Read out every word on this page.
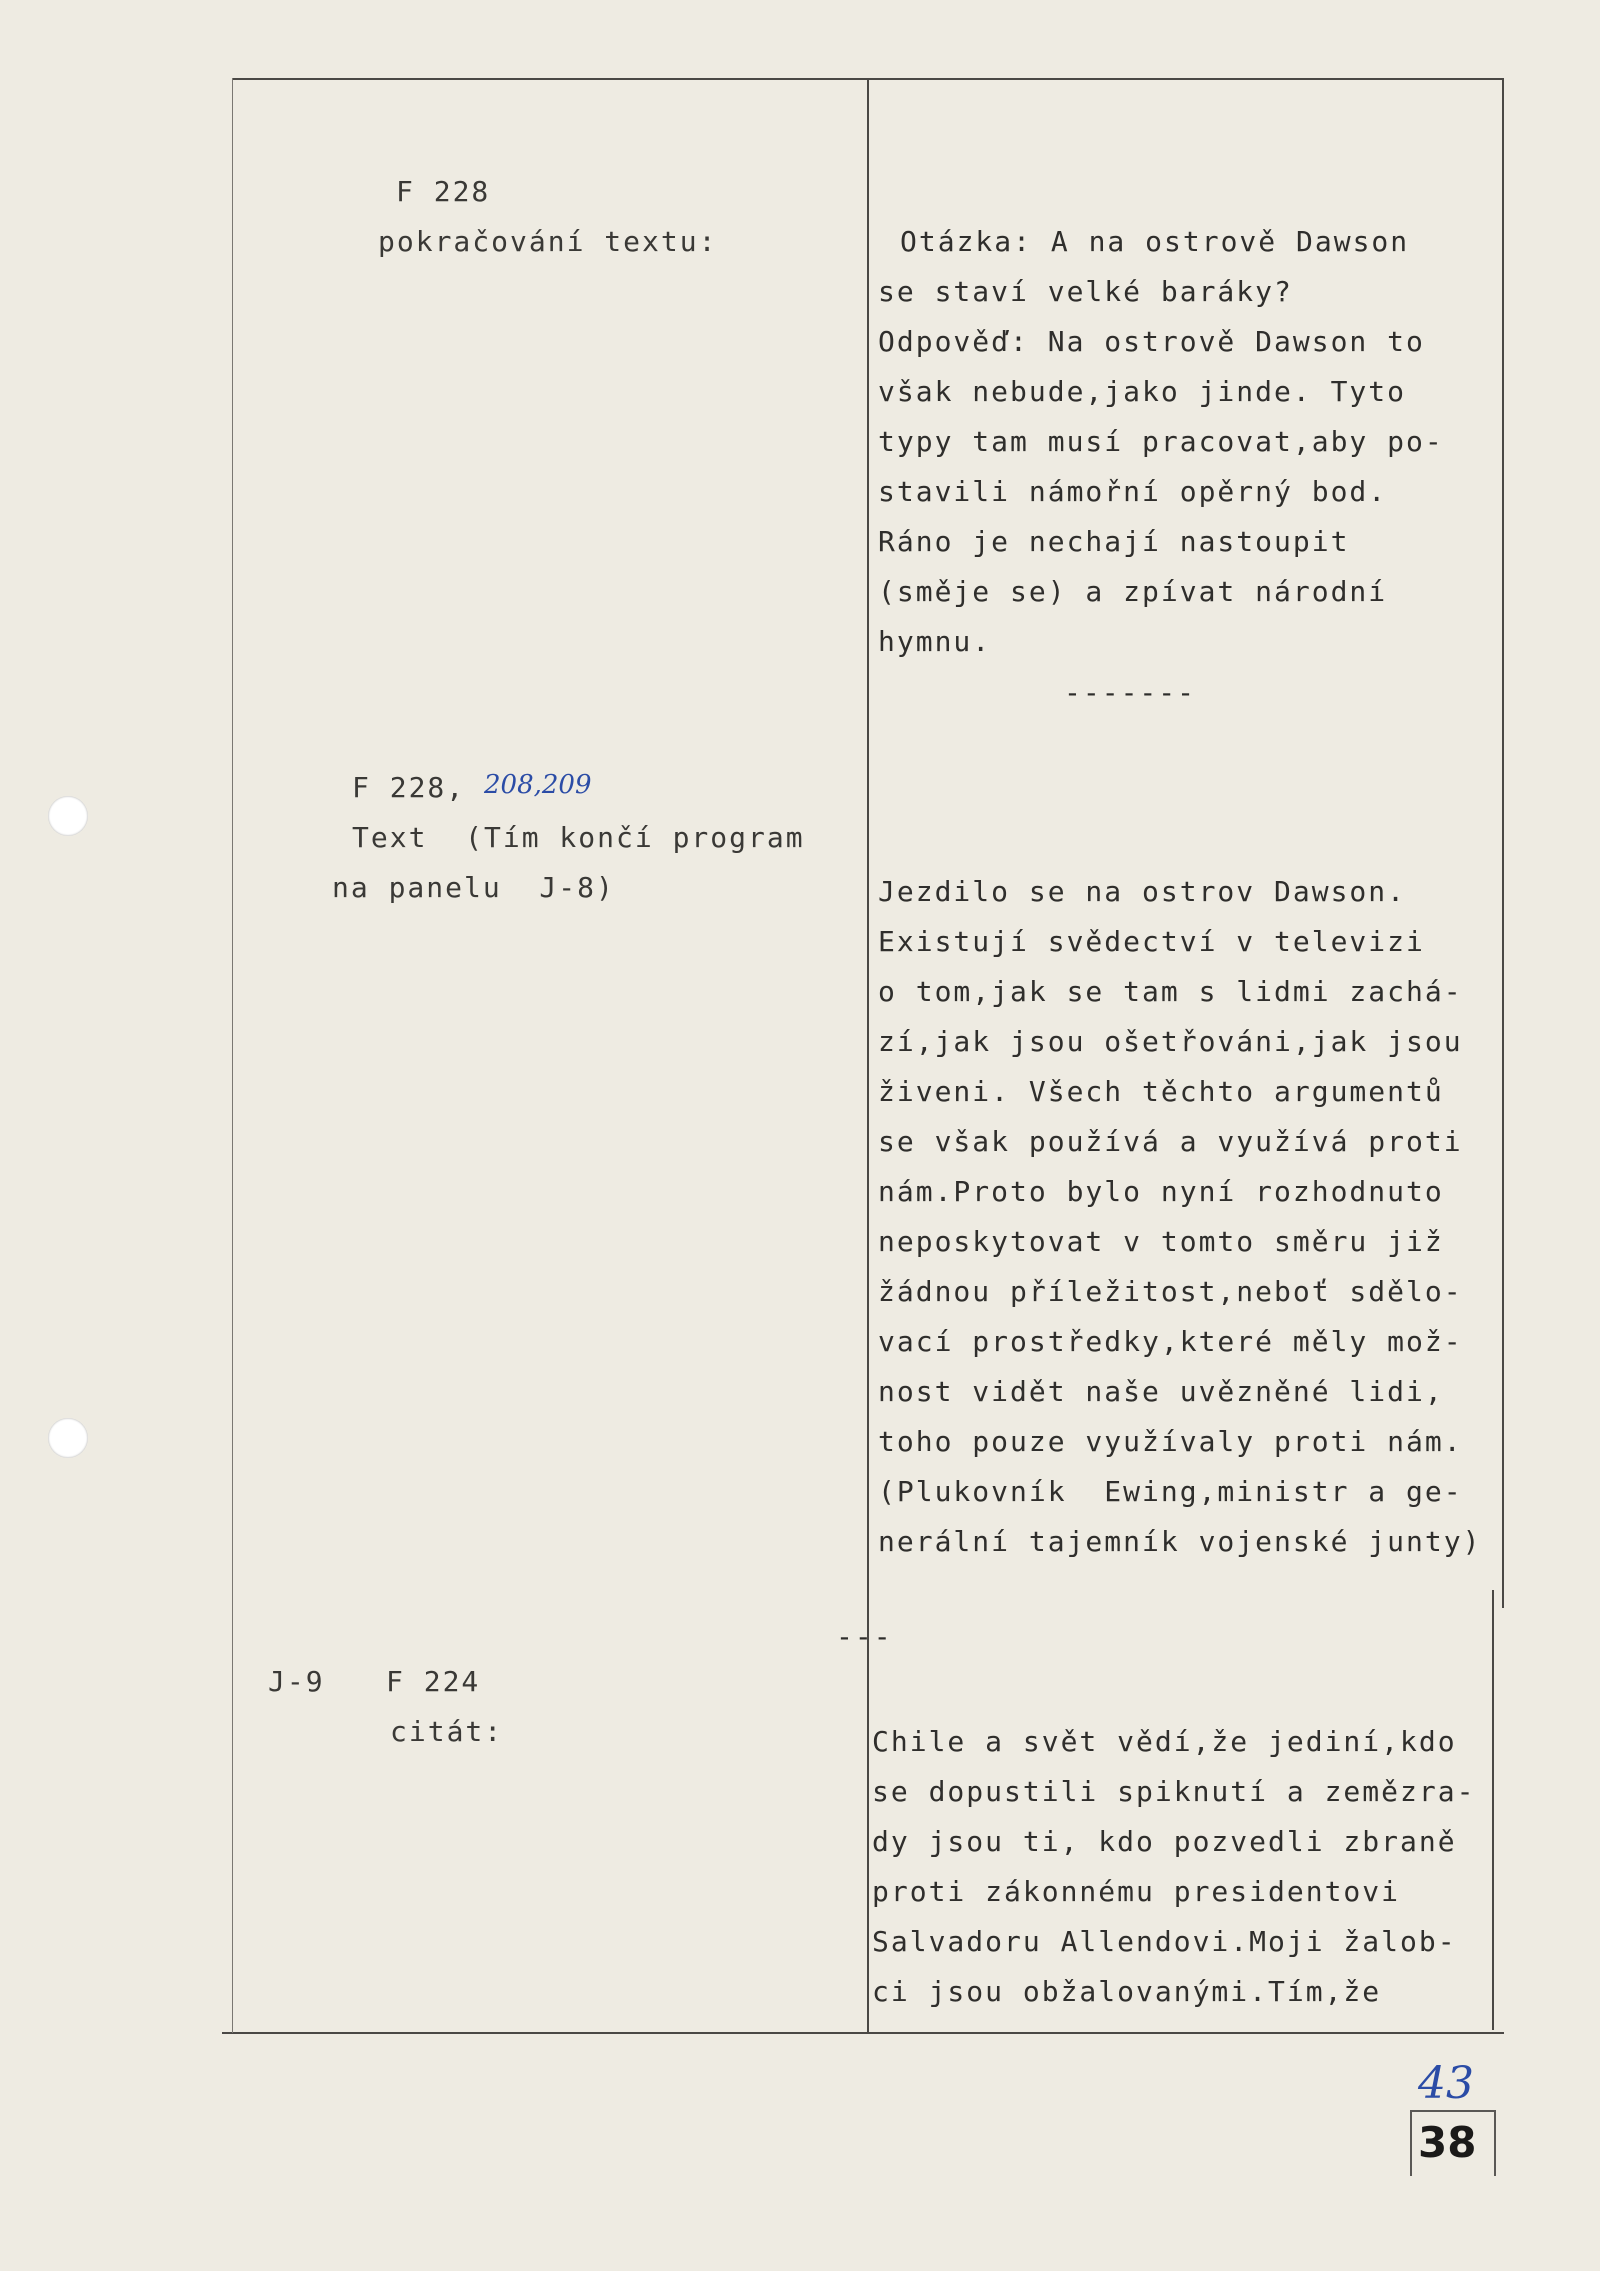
F 228
pokračování textu:
F 228, 208,209
Text  (Tím končí program
na panelu  J-8)
J-9 F 224
citát:
Otázka: A na ostrově Dawson
se staví velké baráky?
Odpověď: Na ostrově Dawson to
však nebude,jako jinde. Tyto
typy tam musí pracovat,aby po-
stavili námořní opěrný bod.
Ráno je nechají nastoupit
(směje se) a zpívat národní
hymnu.
-------
Jezdilo se na ostrov Dawson.
Existují svědectví v televizi
o tom,jak se tam s lidmi zachá-
zí,jak jsou ošetřováni,jak jsou
živeni. Všech těchto argumentů
se však používá a využívá proti
nám.Proto bylo nyní rozhodnuto
neposkytovat v tomto směru již
žádnou příležitost,neboť sdělo-
vací prostředky,které měly mož-
nost vidět naše uvězněné lidi,
toho pouze využívaly proti nám.
(Plukovník  Ewing,ministr a ge-
nerální tajemník vojenské junty)
---
Chile a svět vědí,že jediní,kdo
se dopustili spiknutí a zemězra-
dy jsou ti, kdo pozvedli zbraně
proti zákonnému presidentovi
Salvadoru Allendovi.Moji žalob-
ci jsou obžalovanými.Tím,že
43
38
